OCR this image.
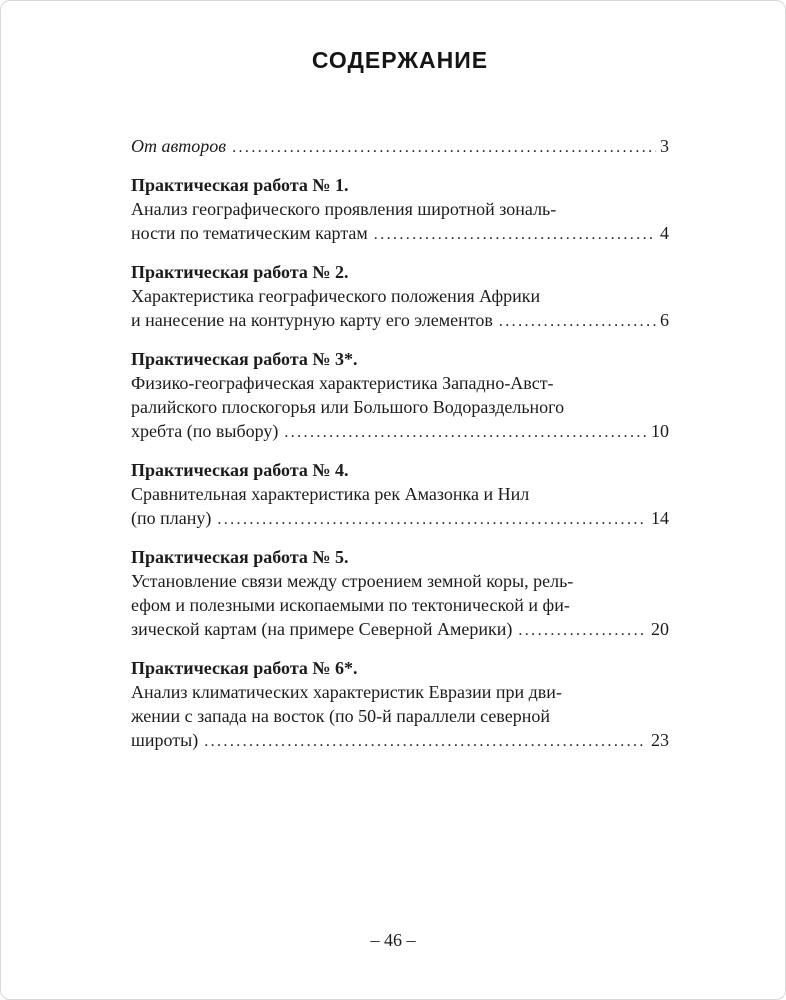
СОДЕРЖАНИЕ
От авторов .....	3
Практическая работа № 1.
Анализ географического проявления широтной зональ-
ности по тематическим картам .....	4
Практическая работа № 2.
Характеристика географического положения Африки
и нанесение на контурную карту его элементов .....	6
Практическая работа № 3*.
Физико-географическая характеристика Западно-Авст-
ралийского плоскогорья или Большого Водораздельного
хребта (по выбору) .....	10
Практическая работа № 4.
Сравнительная характеристика рек Амазонка и Нил
(по плану) .....	14
Практическая работа № 5.
Установление связи между строением земной коры, рель-
ефом и полезными ископаемыми по тектонической и фи-
зической картам (на примере Северной Америки) .....	20
Практическая работа № 6*.
Анализ климатических характеристик Евразии при дви-
жении с запада на восток (по 50-й параллели северной
широты) .....	23
– 46 –
